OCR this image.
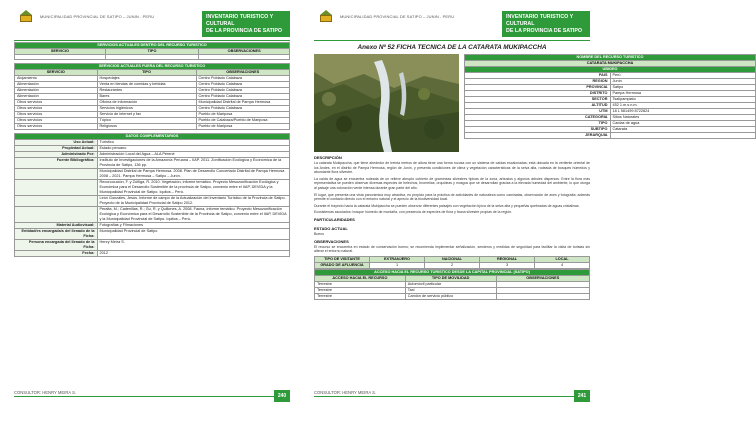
MUNICIPALIDAD PROVINCIAL DE SATIPO – JUNIN - PERU	INVENTARIO TURISTICO Y CULTURAL
DE LA PROVINCIA DE SATIPO
SERVICIOS ACTUALES DENTRO DEL RECURSO TURISTICO		
SERVICIO	TIPO	OBSERVACIONES

SERVICIOS ACTUALES FUERA DEL RECURSO TURISTICO		
SERVICIO	TIPO	OBSERVACIONES
Alojamiento	Hospedajes	Centro Poblado Calabaza
Alimentación	Venta en tiendas de comidas y bebidas	Centro Poblado Calabaza
Alimentación	Restaurantes	Centro Poblado Calabaza
Alimentación	Bares	Centro Poblado Calabaza
Otros servicios	Oficina de información	Municipalidad Distrital de Pampa Hermosa
Otros servicios	Servicios higiénicos	Centro Poblado Calabaza
Otros servicios	Servicio de internet y fax	Pueblo de Mariposa
Otros servicios	Tópico	Pueblo de Calabaza/Pueblo de Mariposa
Otros servicios	Religiosos	Pueblo de Mariposa
DATOS COMPLEMENTARIOS	
Uso Actual:	Turístico
Propiedad Actual:	Estado peruano
Administrado Por:	Administración Local del Agua – ALA Perené
Fuente Bibliográfica:	Instituto de Investigaciones de la Amazonía Peruana – IIAP. 2011. Zonificación Ecológica y Económica de la Provincia de Satipo, 136 pp.
	Municipalidad Distrital de Pampa Hermosa. 2008. Plan de Desarrollo Concertado Distrital de Pampa Hermosa 2008 – 2021. Pampa Hermosa – Satipo – Junín.
	Reconocución, F. y Zúñiga, R. 2010. Vegetación, informe temático. Proyecto Mesozonificación Ecológica y Económica para el Desarrollo Sostenible de la provincia de Satipo, convenio entre el IIAP, DEVIDA y la Municipalidad Provincial de Satipo. Iquitos – Perú.
	León Gonzáles, Jesús. Informe de campo de la Actualización del Inventario Turístico de la Provincia de Satipo. Proyecto de la Municipalidad Provincial de Satipo 2012.
	Peralta, M.; Cadenillas, R.; Gu, R. y Quillones, A. 2008. Fauna, informe temático. Proyecto Mesozonificación Ecológica y Económica para el Desarrollo Sostenible de la Provincia de Satipo, convenio entre el IIAP, DEVIDA y la Municipalidad Provincial de Satipo. Iquitos – Perú.
Material Audiovisual:	Fotografías y Filmaciones
Entidad/es encargada/s del llenado de la Ficha:	Municipalidad Provincial de Satipo
Persona encargada del llenado de la Ficha:	Henry Meira S.
Fecha:	2012
CONSULTOR: HENRY MEIRA S.
240
MUNICIPALIDAD PROVINCIAL DE SATIPO – JUNIN - PERU	INVENTARIO TURISTICO Y CULTURAL
DE LA PROVINCIA DE SATIPO
Anexo Nº 52 FICHA TECNICA DE LA CATARATA MUKIPACCHA
NOMBRE DEL RECURSO TURISTICO	
CATARATA MUKIPACCHA	
UBIGEO	
PAIS	Perú
REGION	Junín
PROVINCIA	Satipo
DISTRITO	Pampa Hermosa
SECTOR	Tsalipampiato
ALTITUD	452 1.m.s.n.m.
UTM	18 L 581499 8722824
CATEGORIA	Sitios Naturales
TIPO	Caídas de agua
SUBTIPO	Catarata
JERARQUIA	
DESCRIPCIÓN
La catarata Mukipaccha, que tiene alrededor de treinta metros de altura tiene una forma rocosa con un sistema de caídas escalonadas; está ubicada en la vertiente oriental de los Andes, en el distrito de Pampa Hermosa, región de Junín, y presenta condiciones de clima y vegetación características de la selva alta, rodeada de bosques húmedos y abundante flora silvestre.
La caída de agua se encuentra rodeada de un relieve abrupto cubierto de gramíneas silvestres típicas de la zona, arbustos y algunos árboles dispersos. Entre la flora más representativa se pueden observar diversas especies de helechos, bromelias, orquídeas y musgos que se desarrollan gracias a la elevada humedad del ambiente, lo que otorga al paisaje una coloración verde intensa durante gran parte del año.
El lugar, que presenta una vista panorámica muy atractiva, es propicio para la práctica de actividades de naturaleza como caminatas, observación de aves y fotografía; además permite el contacto directo con el entorno natural y el aprecio de la biodiversidad local.
Durante el trayecto hacia la catarata Mukipaccha se pueden observar diferentes paisajes con vegetación típica de la selva alta y pequeñas quebradas de aguas cristalinas.
Ecosistemas asociados: bosque húmedo de montaña, con presencia de especies de flora y fauna silvestre propias de la región.
PARTICULARIDADES
ESTADO ACTUAL
Bueno
OBSERVACIONES
El recurso se encuentra en estado de conservación bueno; se recomienda implementar señalización, senderos y medidas de seguridad para facilitar la visita de turistas sin alterar el entorno natural.
TIPO DE VISITANTE	EXTRANJERO	NACIONAL	REGIONAL	LOCAL
GRADO DE AFLUENCIA	1	2	3	4
ACCESO HACIA EL RECURSO TURISTICO DESDE LA CAPITAL PROVINCIAL (SATIPO)		
ACCESO HACIA EL RECURSO	TIPO DE MOVILIDAD	OBSERVACIONES
Terrestre	Automóvil particular	
Terrestre	Taxi	
Terrestre	Camión de servicio público	
CONSULTOR: HENRY MEIRA S.
241
